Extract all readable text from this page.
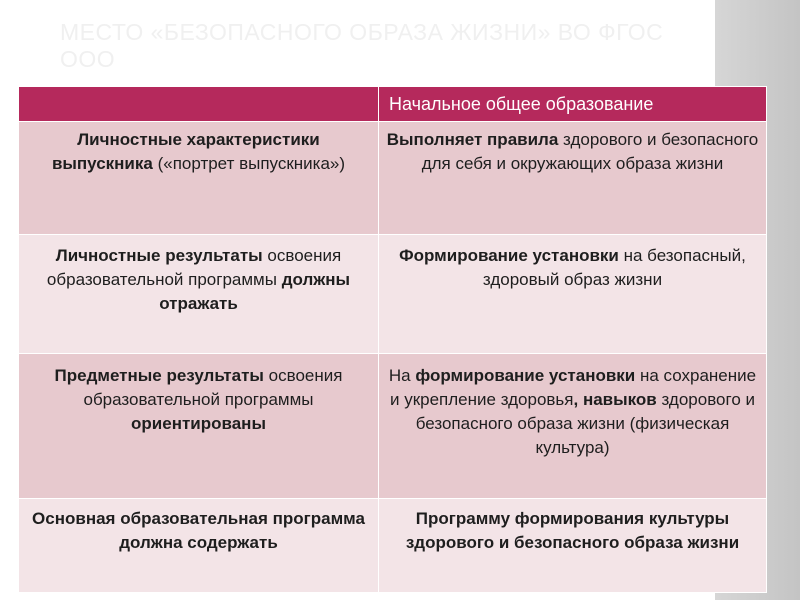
МЕСТО «БЕЗОПАСНОГО ОБРАЗА ЖИЗНИ» ВО ФГОС
ООО
	Начальное общее образование
Личностные характеристики выпускника («портрет выпускника»)	Выполняет правила здорового и безопасного для себя и окружающих образа жизни
Личностные результаты освоения образовательной программы должны отражать	Формирование установки на безопасный, здоровый образ жизни
Предметные результаты освоения образовательной программы ориентированы	На формирование установки на сохранение и укрепление здоровья, навыков здорового и безопасного образа жизни (физическая культура)
Основная образовательная программа должна содержать	Программу формирования культуры здорового и безопасного образа жизни
